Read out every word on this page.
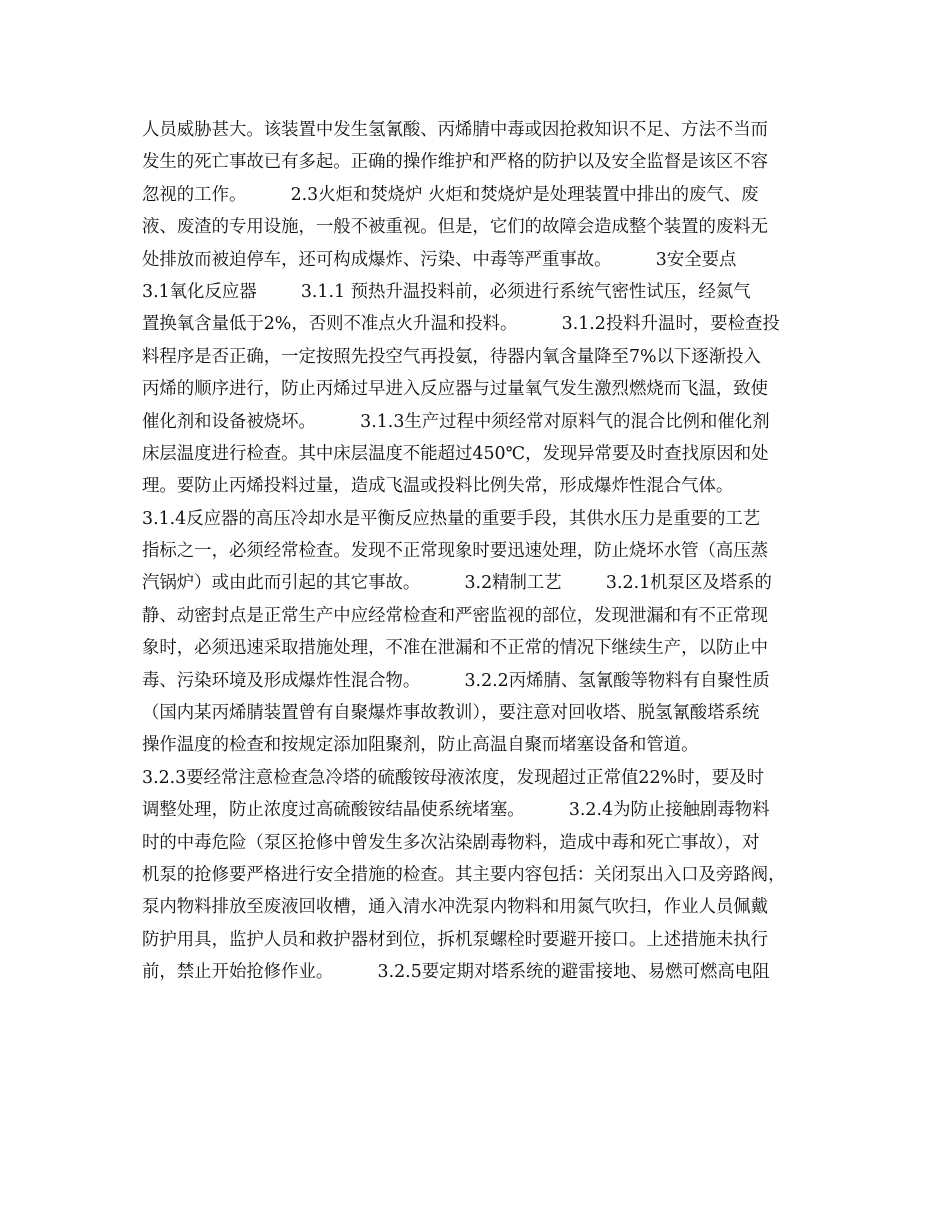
人员威胁甚大。该装置中发生氢氰酸、丙烯腈中毒或因抢救知识不足、方法不当而
发生的死亡事故已有多起。正确的操作维护和严格的防护以及安全监督是该区不容
忽视的工作。        2.3火炬和焚烧炉 火炬和焚烧炉是处理装置中排出的废气、废
液、废渣的专用设施，一般不被重视。但是，它们的故障会造成整个装置的废料无
处排放而被迫停车，还可构成爆炸、污染、中毒等严重事故。        3安全要点
3.1氧化反应器        3.1.1 预热升温投料前，必须进行系统气密性试压，经氮气
置换氧含量低于2%，否则不准点火升温和投料。        3.1.2投料升温时，要检查投
料程序是否正确，一定按照先投空气再投氨，待器内氧含量降至7%以下逐渐投入
丙烯的顺序进行，防止丙烯过早进入反应器与过量氧气发生激烈燃烧而飞温，致使
催化剂和设备被烧坏。        3.1.3生产过程中须经常对原料气的混合比例和催化剂
床层温度进行检查。其中床层温度不能超过450℃，发现异常要及时查找原因和处
理。要防止丙烯投料过量，造成飞温或投料比例失常，形成爆炸性混合气体。
3.1.4反应器的高压冷却水是平衡反应热量的重要手段，其供水压力是重要的工艺
指标之一，必须经常检查。发现不正常现象时要迅速处理，防止烧坏水管（高压蒸
汽锅炉）或由此而引起的其它事故。        3.2精制工艺        3.2.1机泵区及塔系的
静、动密封点是正常生产中应经常检查和严密监视的部位，发现泄漏和有不正常现
象时，必须迅速采取措施处理，不准在泄漏和不正常的情况下继续生产，以防止中
毒、污染环境及形成爆炸性混合物。        3.2.2丙烯腈、氢氰酸等物料有自聚性质
（国内某丙烯腈装置曾有自聚爆炸事故教训），要注意对回收塔、脱氢氰酸塔系统
操作温度的检查和按规定添加阻聚剂，防止高温自聚而堵塞设备和管道。
3.2.3要经常注意检查急冷塔的硫酸铵母液浓度，发现超过正常值22%时，要及时
调整处理，防止浓度过高硫酸铵结晶使系统堵塞。        3.2.4为防止接触剧毒物料
时的中毒危险（泵区抢修中曾发生多次沾染剧毒物料，造成中毒和死亡事故），对
机泵的抢修要严格进行安全措施的检查。其主要内容包括：关闭泵出入口及旁路阀，
泵内物料排放至废液回收槽，通入清水冲洗泵内物料和用氮气吹扫，作业人员佩戴
防护用具，监护人员和救护器材到位，拆机泵螺栓时要避开接口。上述措施未执行
前，禁止开始抢修作业。        3.2.5要定期对塔系统的避雷接地、易燃可燃高电阻
